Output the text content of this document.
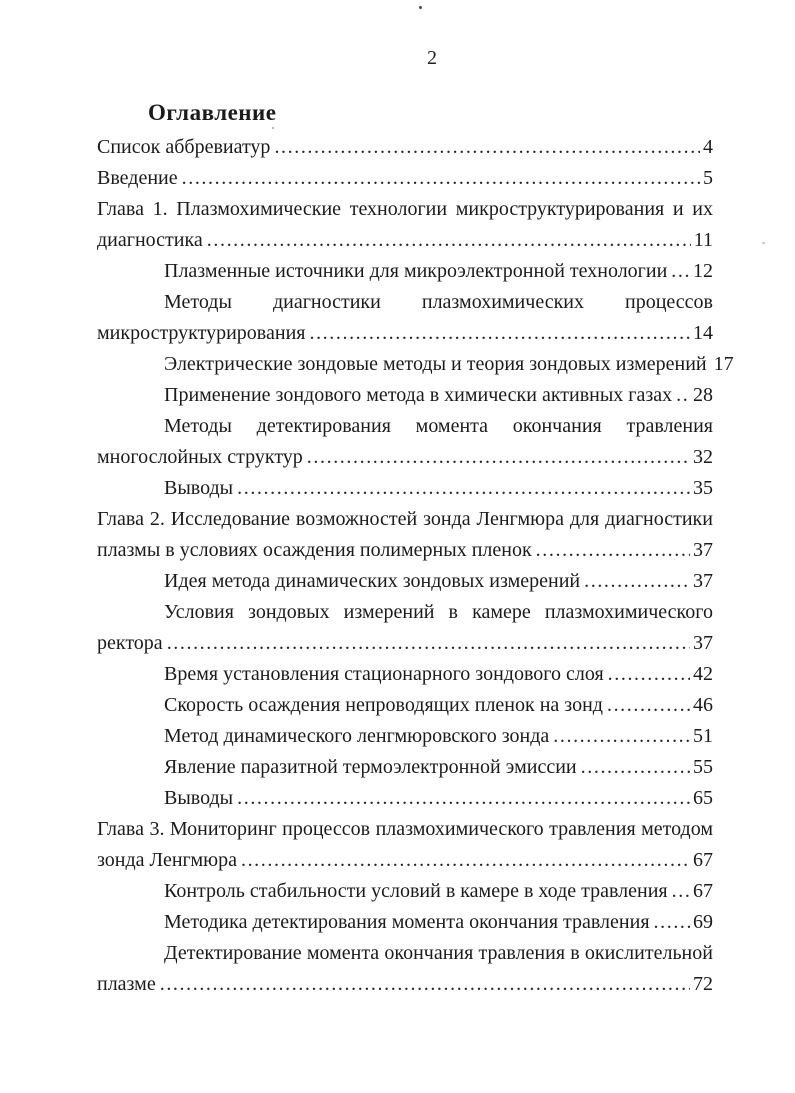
2
Оглавление
Список аббревиатур .....	4
Введение .....	5
Глава 1. Плазмохимические технологии микроструктурирования и их
диагностика .....	11
Плазменные источники для микроэлектронной технологии ..... 12
Методы диагностики плазмохимических процессов
микроструктурирования .....	14
Электрические зондовые методы и теория зондовых измерений 17
Применение зондового метода в химически активных газах ..... 28
Методы детектирования момента окончания травления
многослойных структур .....	32
Выводы .....	35
Глава 2. Исследование возможностей зонда Ленгмюра для диагностики
плазмы в условиях осаждения полимерных пленок .....	37
Идея метода динамических зондовых измерений .....	37
Условия зондовых измерений в камере плазмохимического
ректора .....	37
Время установления стационарного зондового слоя .....	42
Скорость осаждения непроводящих пленок на зонд .....	46
Метод динамического ленгмюровского зонда .....	51
Явление паразитной термоэлектронной эмиссии .....	55
Выводы .....	65
Глава 3. Мониторинг процессов плазмохимического травления методом
зонда Ленгмюра .....	67
Контроль стабильности условий в камере в ходе травления ..... 67
Методика детектирования момента окончания травления ..... 69
Детектирование момента окончания травления в окислительной
плазме .....	72
